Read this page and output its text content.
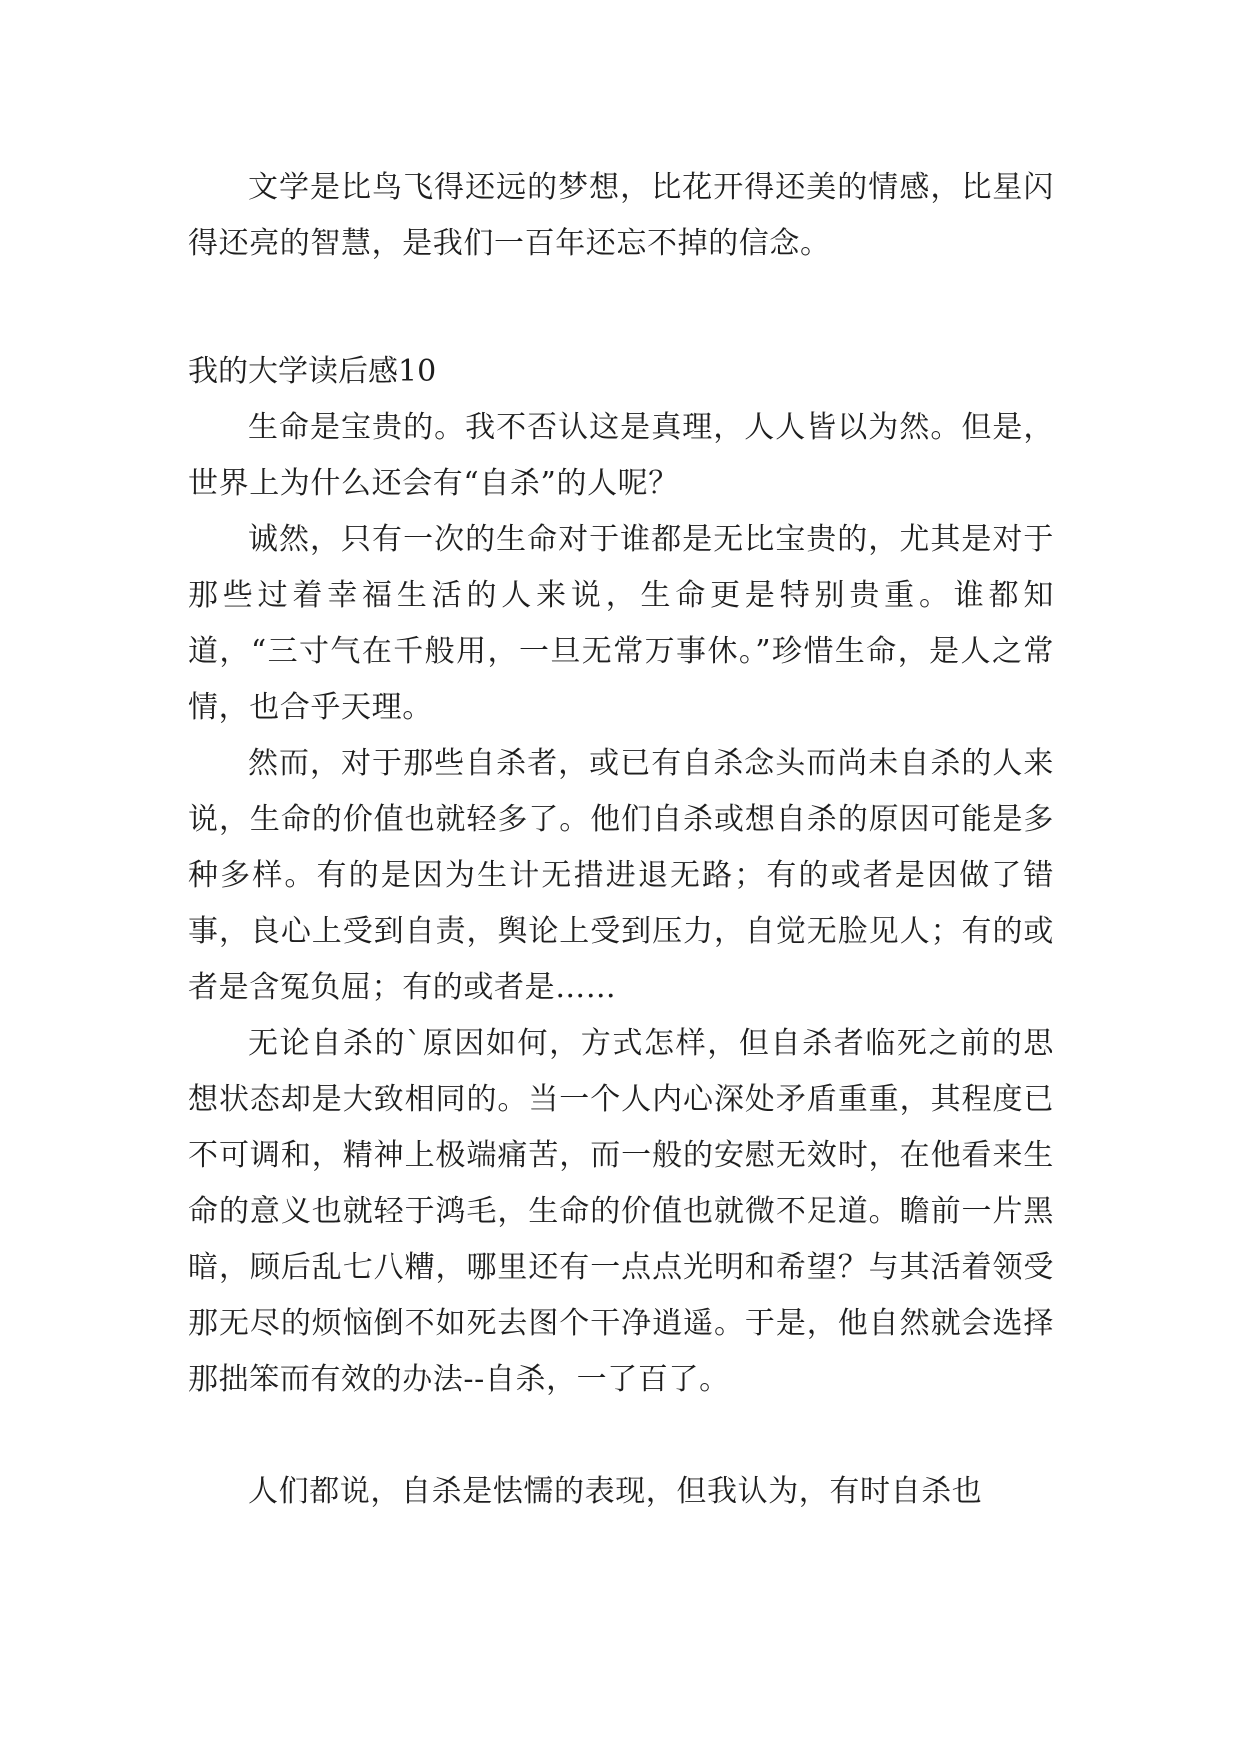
文学是比鸟飞得还远的梦想，比花开得还美的情感，比星闪得还亮的智慧，是我们一百年还忘不掉的信念。

我的大学读后感10

生命是宝贵的。我不否认这是真理，人人皆以为然。但是，世界上为什么还会有“自杀”的人呢？

诚然，只有一次的生命对于谁都是无比宝贵的，尤其是对于那些过着幸福生活的人来说，生命更是特别贵重。谁都知道，“三寸气在千般用，一旦无常万事休。”珍惜生命，是人之常情，也合乎天理。

然而，对于那些自杀者，或已有自杀念头而尚未自杀的人来说，生命的价值也就轻多了。他们自杀或想自杀的原因可能是多种多样。有的是因为生计无措进退无路；有的或者是因做了错事，良心上受到自责，舆论上受到压力，自觉无脸见人；有的或者是含冤负屈；有的或者是……

无论自杀的`原因如何，方式怎样，但自杀者临死之前的思想状态却是大致相同的。当一个人内心深处矛盾重重，其程度已不可调和，精神上极端痛苦，而一般的安慰无效时，在他看来生命的意义也就轻于鸿毛，生命的价值也就微不足道。瞻前一片黑暗，顾后乱七八糟，哪里还有一点点光明和希望？与其活着领受那无尽的烦恼倒不如死去图个干净逍遥。于是，他自然就会选择那拙笨而有效的办法--自杀，一了百了。

人们都说，自杀是怯懦的表现，但我认为，有时自杀也
